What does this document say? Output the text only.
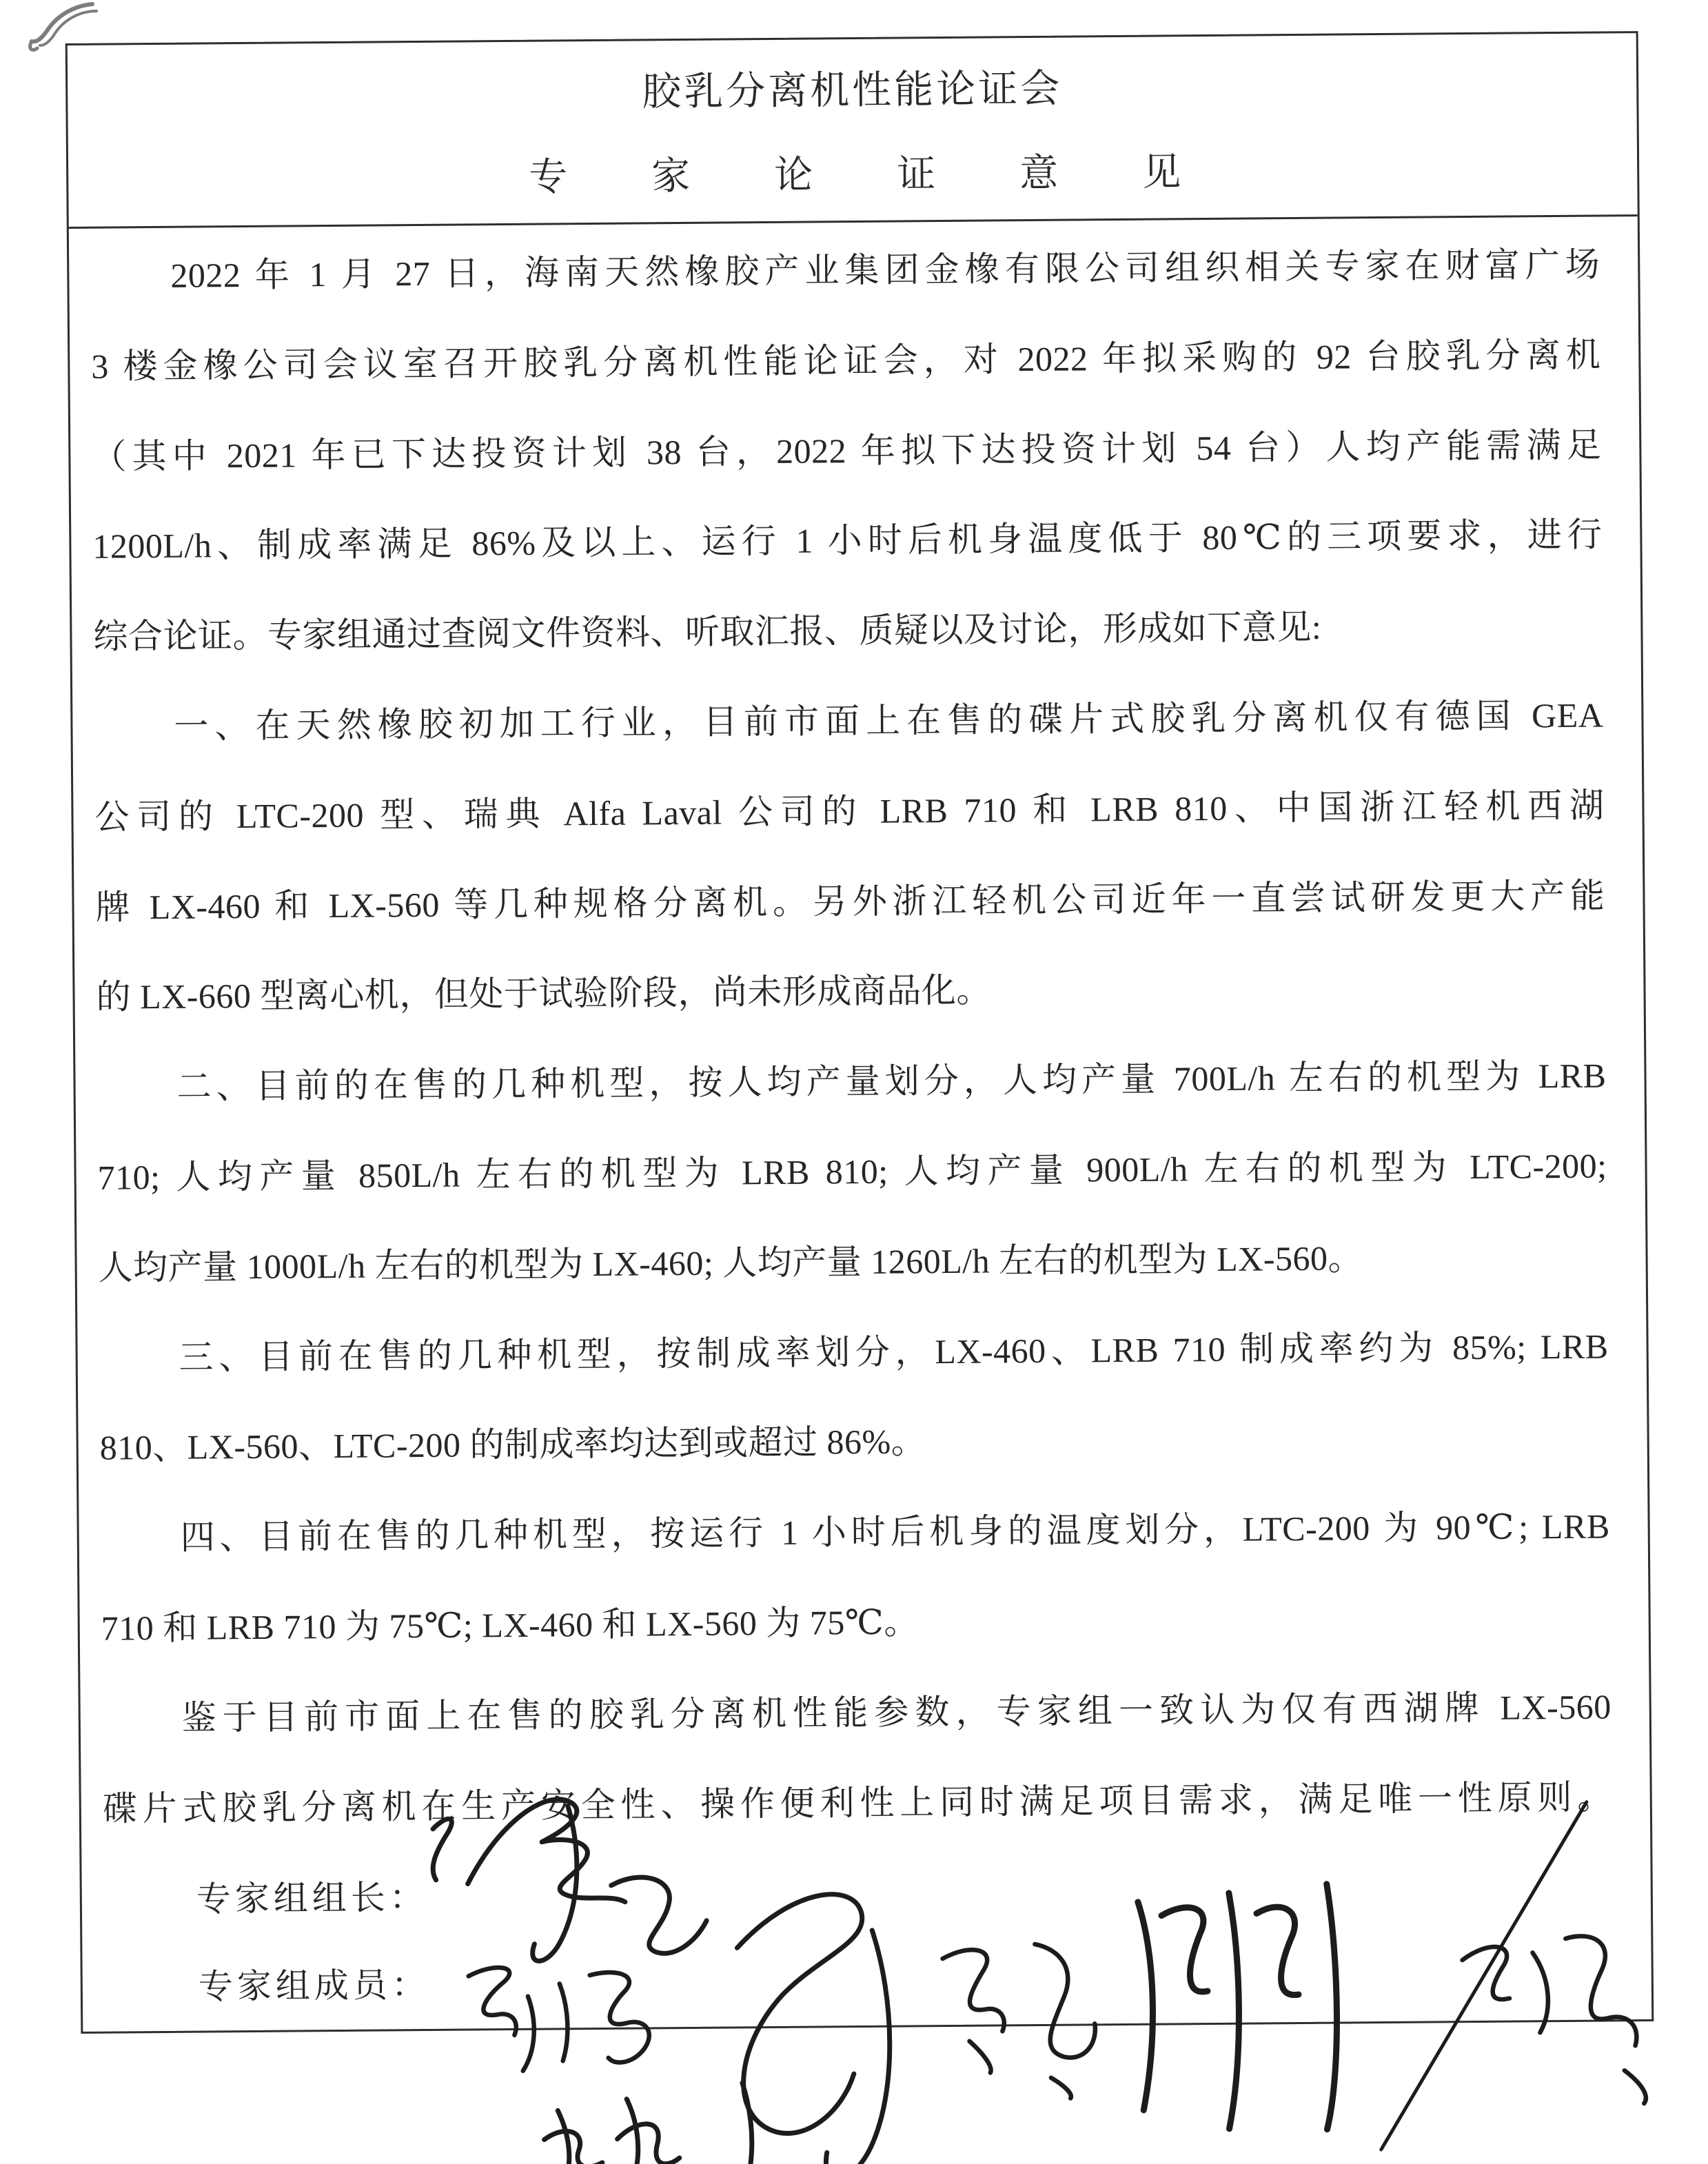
胶乳分离机性能论证会
专家论证意见
2022 年 1 月 27 日，海南天然橡胶产业集团金橡有限公司组织相关专家在财富广场
3 楼金橡公司会议室召开胶乳分离机性能论证会，对 2022 年拟采购的 92 台胶乳分离机
（其中 2021 年已下达投资计划 38 台，2022 年拟下达投资计划 54 台）人均产能需满足
1200L/h、制成率满足 86%及以上、运行 1 小时后机身温度低于 80℃的三项要求，进行
综合论证。专家组通过查阅文件资料、听取汇报、质疑以及讨论，形成如下意见:
一、在天然橡胶初加工行业，目前市面上在售的碟片式胶乳分离机仅有德国 GEA
公司的 LTC-200 型、瑞典 Alfa Laval 公司的 LRB 710 和 LRB 810、中国浙江轻机西湖
牌 LX-460 和 LX-560 等几种规格分离机。另外浙江轻机公司近年一直尝试研发更大产能
的 LX-660 型离心机，但处于试验阶段，尚未形成商品化。
二、目前的在售的几种机型，按人均产量划分，人均产量 700L/h 左右的机型为 LRB
710; 人均产量 850L/h 左右的机型为 LRB 810; 人均产量 900L/h 左右的机型为 LTC-200;
人均产量 1000L/h 左右的机型为 LX-460; 人均产量 1260L/h 左右的机型为 LX-560。
三、目前在售的几种机型，按制成率划分，LX-460、LRB 710 制成率约为 85%; LRB
810、LX-560、LTC-200 的制成率均达到或超过 86%。
四、目前在售的几种机型，按运行 1 小时后机身的温度划分，LTC-200 为 90℃; LRB
710 和 LRB 710 为 75℃; LX-460 和 LX-560 为 75℃。
鉴于目前市面上在售的胶乳分离机性能参数，专家组一致认为仅有西湖牌 LX-560
碟片式胶乳分离机在生产安全性、操作便利性上同时满足项目需求，满足唯一性原则。
专家组组长：
专家组成员：
